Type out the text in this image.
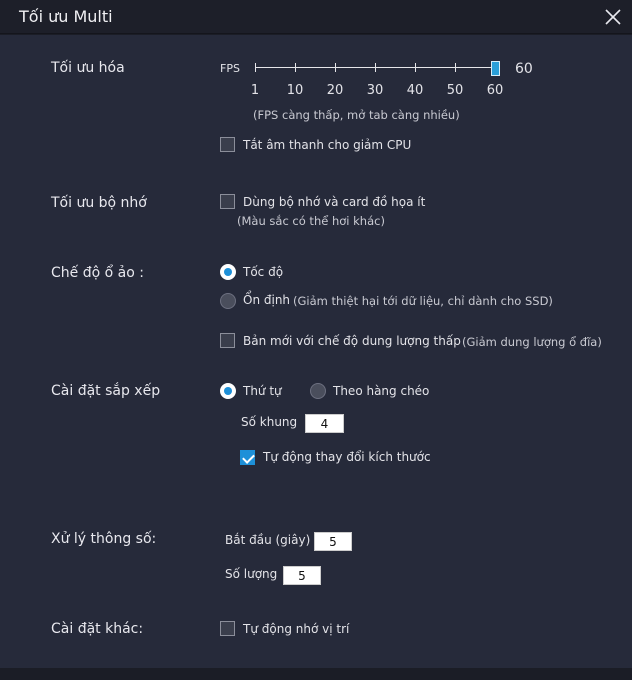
Tối ưu Multi
Tối ưu hóa	FPS	60
1 10 20 30 40 50 60
(FPS càng thấp, mở tab càng nhiều)
Tắt âm thanh cho giảm CPU
Tối ưu bộ nhớ	Dùng bộ nhớ và card đồ họa ít
(Màu sắc có thể hơi khác)
Chế độ ổ ảo :	Tốc độ
Ổn định (Giảm thiệt hại tới dữ liệu, chỉ dành cho SSD)
Bản mới với chế độ dung lượng thấp (Giảm dung lượng ổ đĩa)
Cài đặt sắp xếp	Thứ tự	Theo hàng chéo
Số khung	4
Tự động thay đổi kích thước
Xử lý thông số:	Bắt đầu (giây)	5
Số lượng	5
Cài đặt khác:	Tự động nhớ vị trí
